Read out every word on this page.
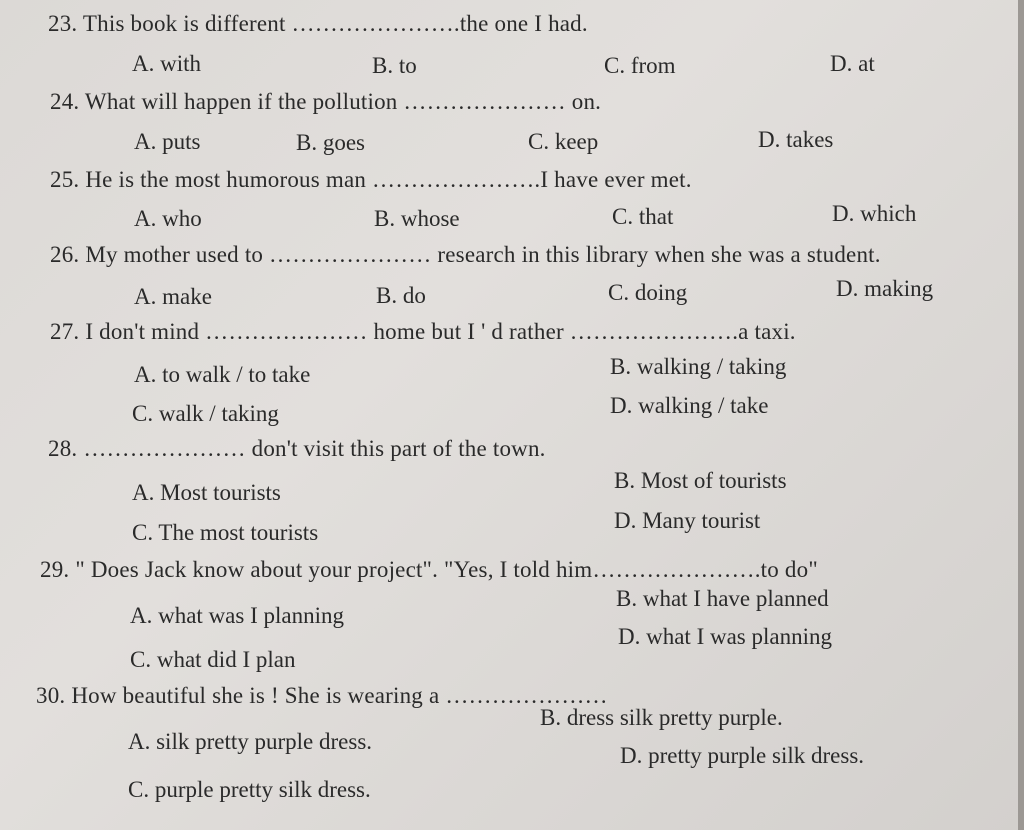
23. This book is different ………………….the one I had.
A. with	B. to	C. from	D. at
24. What will happen if the pollution ………………… on.
A. puts	B. goes	C. keep	D. takes
25. He is the most humorous man ………………….I have ever met.
A. who	B. whose	C. that	D. which
26. My mother used to ………………… research in this library when she was a student.
A. make	B. do	C. doing	D. making
27. I don't mind ………………… home but I ' d rather ………………….a taxi.
A. to walk / to take	B. walking / taking
C. walk / taking	D. walking / take
28. ………………… don't visit this part of the town.
A. Most tourists	B. Most of tourists
C. The most tourists	D. Many tourist
29. " Does Jack know about your project". "Yes, I told him………………….to do"
A. what was I planning
B. what I have planned
C. what did I plan
D. what I was planning
30. How beautiful she is ! She is wearing a …………………
A. silk pretty purple dress.
B. dress silk pretty purple.
C. purple pretty silk dress.
D. pretty purple silk dress.
